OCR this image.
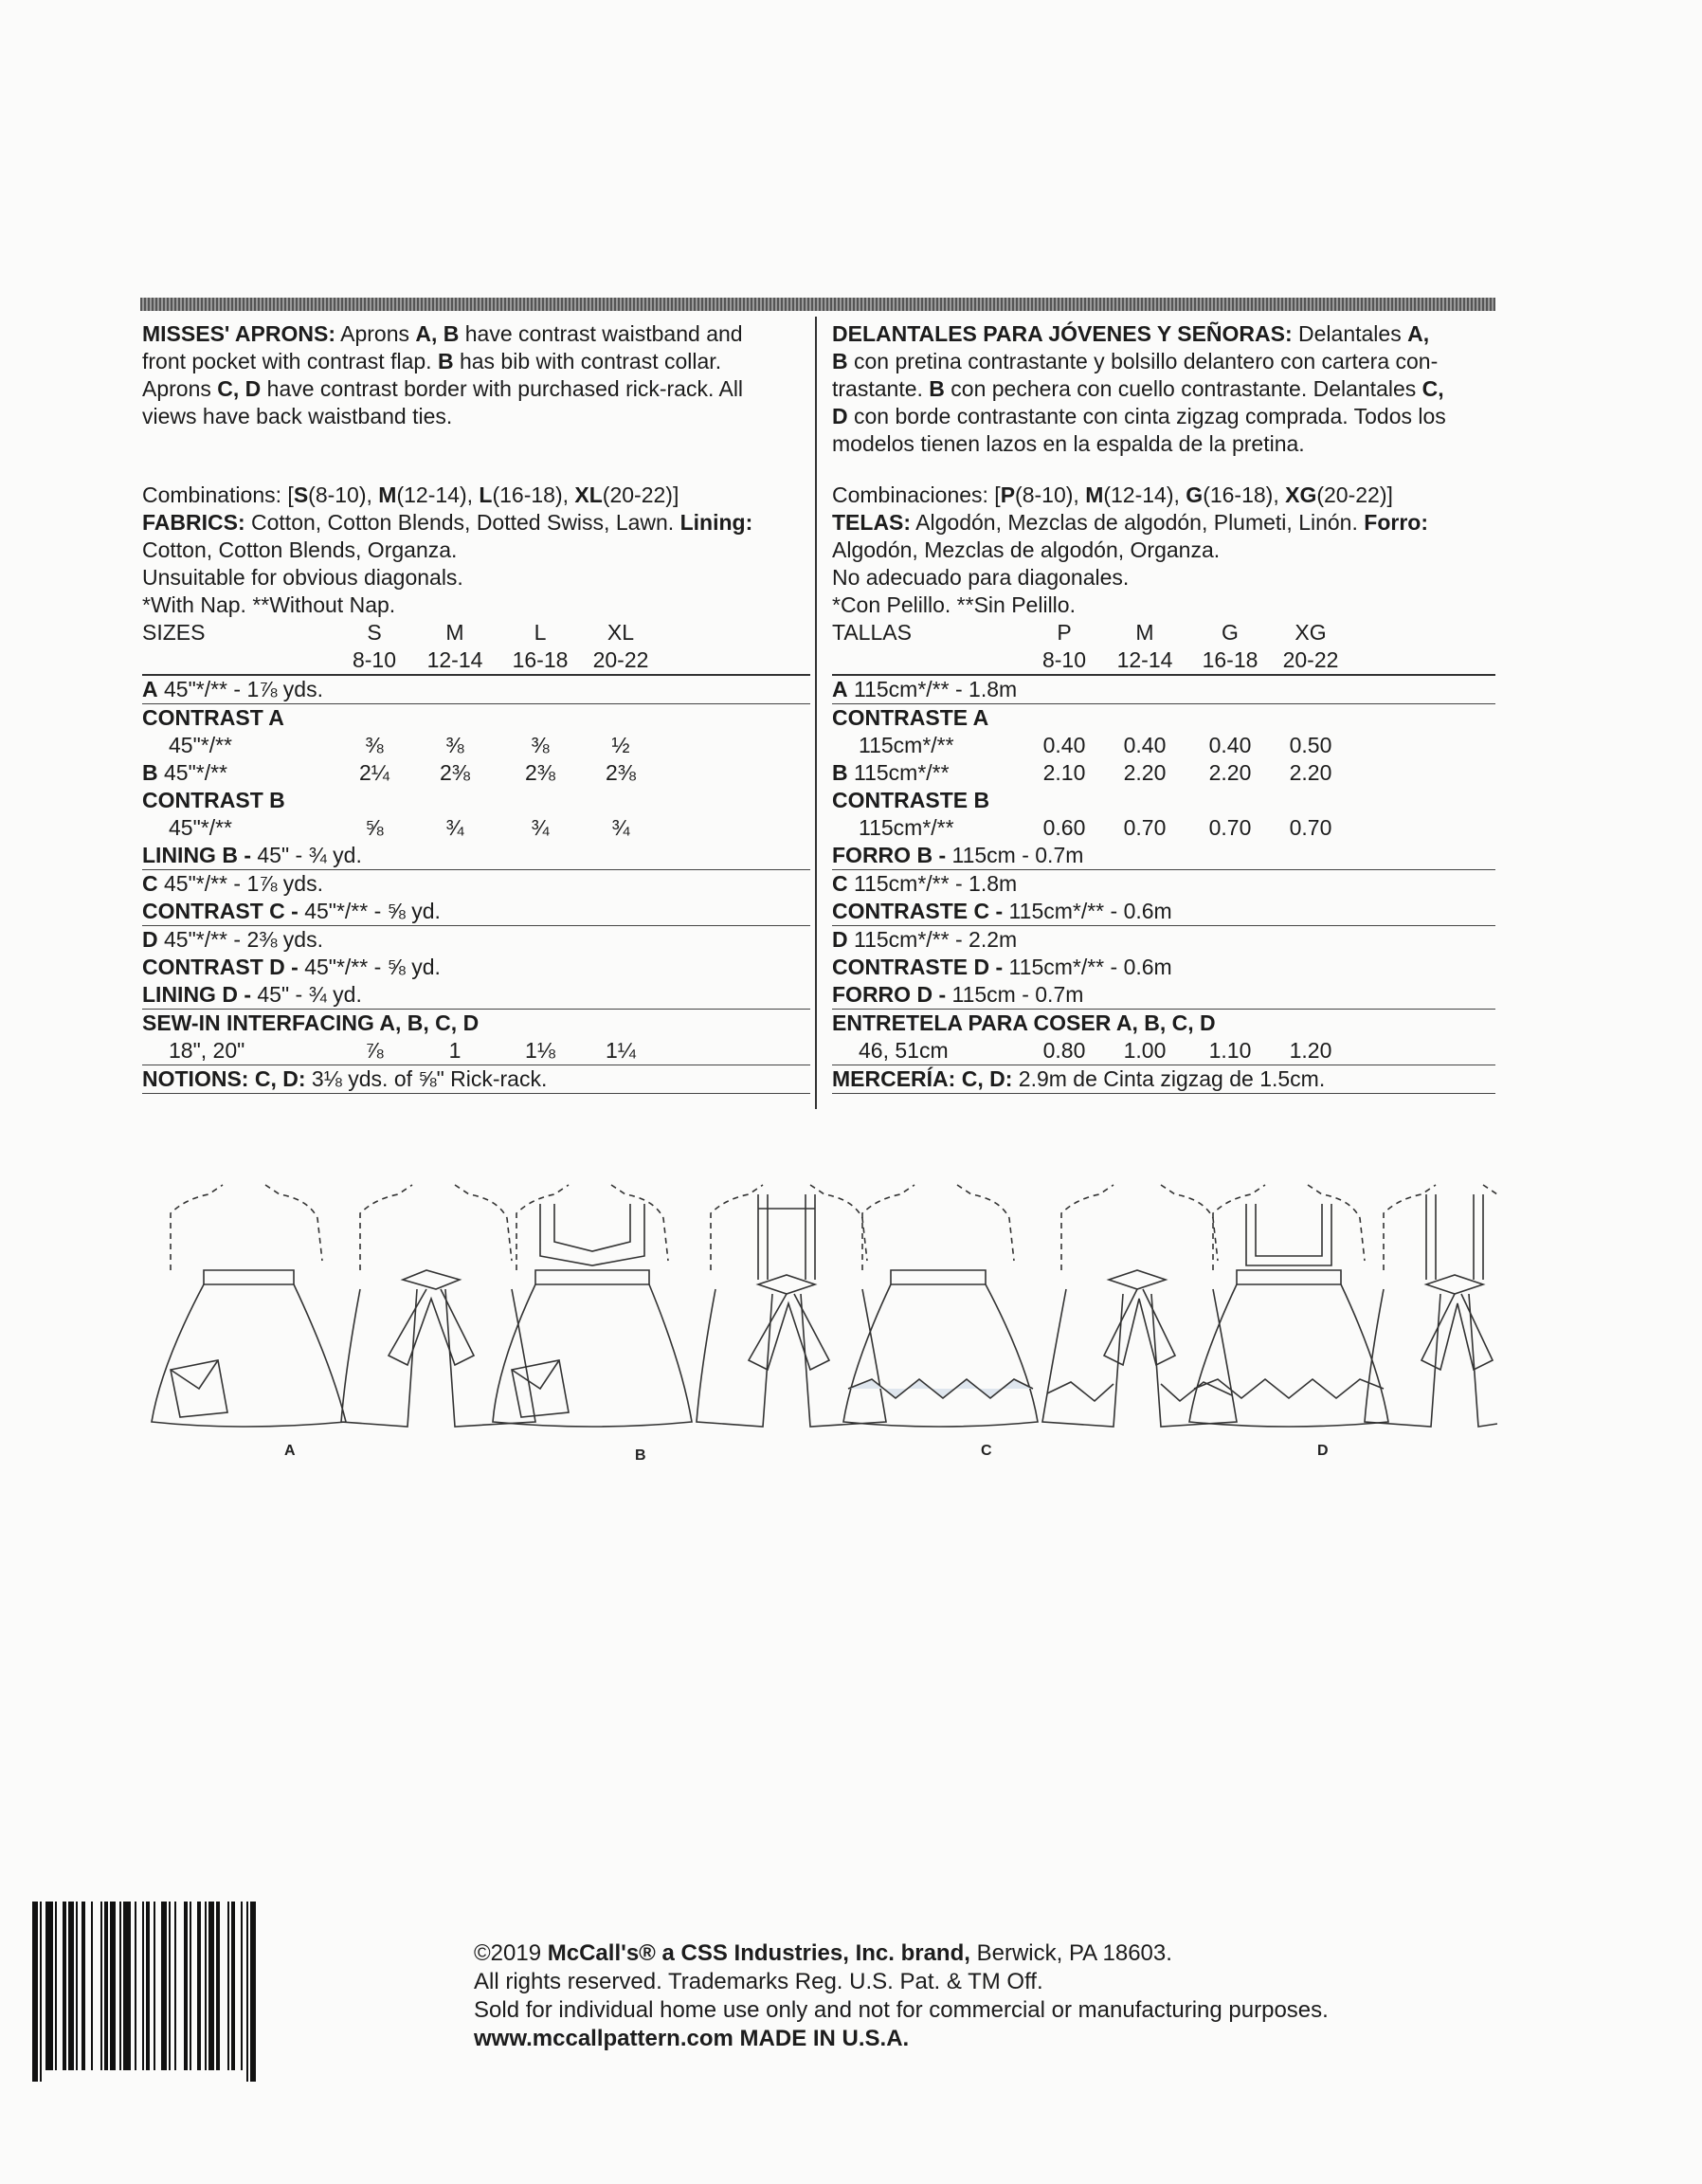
MISSES' APRONS: Aprons A, B have contrast waistband and
front pocket with contrast flap. B has bib with contrast collar.
Aprons C, D have contrast border with purchased rick-rack. All
views have back waistband ties.
Combinations: [S(8-10), M(12-14), L(16-18), XL(20-22)]
FABRICS: Cotton, Cotton Blends, Dotted Swiss, Lawn. Lining:
Cotton, Cotton Blends, Organza.
Unsuitable for obvious diagonals.
*With Nap. **Without Nap.
SIZES	S	M	L	XL
8-10	12-14	16-18	20-22
A 45"*/** - 1⅞ yds.
CONTRAST A
45"*/**	⅜	⅜	⅜	½
B 45"*/**	2¼	2⅜	2⅜	2⅜
CONTRAST B
45"*/**	⅝	¾	¾	¾
LINING B - 45" - ¾ yd.
C 45"*/** - 1⅞ yds.
CONTRAST C - 45"*/** - ⅝ yd.
D 45"*/** - 2⅜ yds.
CONTRAST D - 45"*/** - ⅝ yd.
LINING D - 45" - ¾ yd.
SEW-IN INTERFACING A, B, C, D
18", 20"	⅞	1	1⅛	1¼
NOTIONS: C, D: 3⅛ yds. of ⅝" Rick-rack.
DELANTALES PARA JÓVENES Y SEÑORAS: Delantales A,
B con pretina contrastante y bolsillo delantero con cartera con-
trastante. B con pechera con cuello contrastante. Delantales C,
D con borde contrastante con cinta zigzag comprada. Todos los
modelos tienen lazos en la espalda de la pretina.
Combinaciones: [P(8-10), M(12-14), G(16-18), XG(20-22)]
TELAS: Algodón, Mezclas de algodón, Plumeti, Linón. Forro:
Algodón, Mezclas de algodón, Organza.
No adecuado para diagonales.
*Con Pelillo. **Sin Pelillo.
TALLAS	P	M	G	XG
8-10	12-14	16-18	20-22
A 115cm*/** - 1.8m
CONTRASTE A
115cm*/**	0.40	0.40	0.40	0.50
B 115cm*/**	2.10	2.20	2.20	2.20
CONTRASTE B
115cm*/**	0.60	0.70	0.70	0.70
FORRO B - 115cm - 0.7m
C 115cm*/** - 1.8m
CONTRASTE C - 115cm*/** - 0.6m
D 115cm*/** - 2.2m
CONTRASTE D - 115cm*/** - 0.6m
FORRO D - 115cm - 0.7m
ENTRETELA PARA COSER A, B, C, D
46, 51cm	0.80	1.00	1.10	1.20
MERCERÍA: C, D: 2.9m de Cinta zigzag de 1.5cm.
A	B	C	D

©2019 McCall's® a CSS Industries, Inc. brand, Berwick, PA 18603.
All rights reserved. Trademarks Reg. U.S. Pat. & TM Off.
Sold for individual home use only and not for commercial or manufacturing purposes.
www.mccallpattern.com MADE IN U.S.A.
